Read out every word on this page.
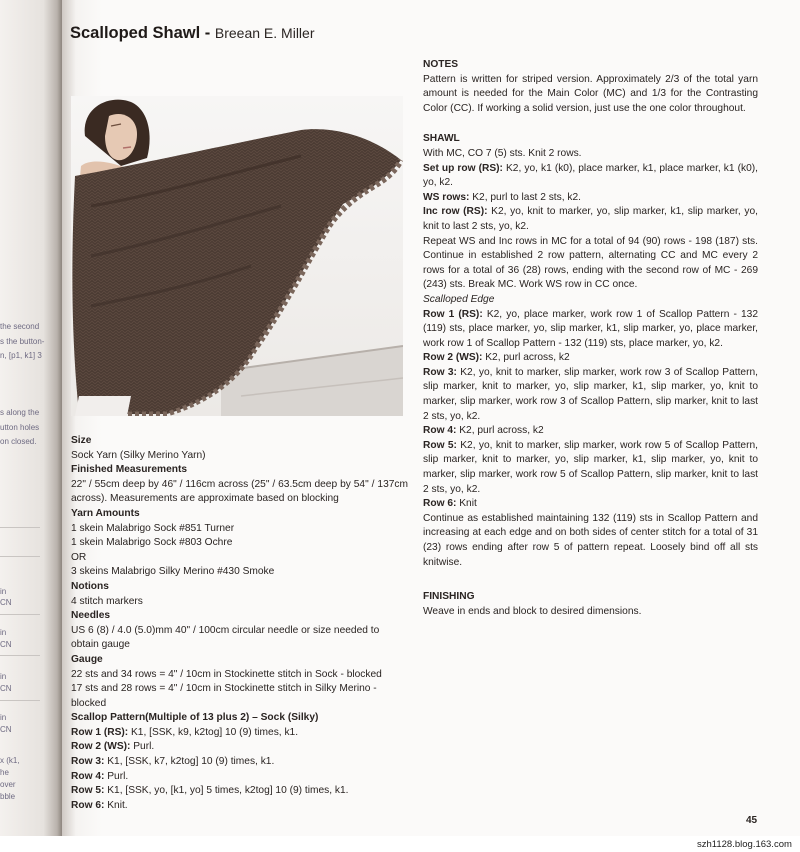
the second
s the button-
n, [p1, k1] 3
s along the
utton holes
on closed.
in
CN
in
CN
in
CN
in
CN
x (k1,
he
over
bble
Scalloped Shawl - Breean E. Miller

Size

Sock Yarn (Silky Merino Yarn)

Finished Measurements

22" / 55cm deep by 46" / 116cm across (25" / 63.5cm deep by 54" / 137cm across). Measurements are approximate based on blocking

Yarn Amounts

1 skein Malabrigo Sock #851 Turner

1 skein Malabrigo Sock #803 Ochre

OR

3 skeins Malabrigo Silky Merino #430 Smoke

Notions

4 stitch markers

Needles

US 6 (8) / 4.0 (5.0)mm 40" / 100cm circular needle or size needed to obtain gauge

Gauge

22 sts and 34 rows = 4" / 10cm in Stockinette stitch in Sock - blocked

17 sts and 28 rows = 4" / 10cm in Stockinette stitch in Silky Merino - blocked

Scallop Pattern(Multiple of 13 plus 2) – Sock (Silky)

Row 1 (RS): K1, [SSK, k9, k2tog] 10 (9) times, k1.

Row 2 (WS): Purl.

Row 3: K1, [SSK, k7, k2tog] 10 (9) times, k1.

Row 4: Purl.

Row 5: K1, [SSK, yo, [k1, yo] 5 times, k2tog] 10 (9) times, k1.

Row 6: Knit.

NOTES

Pattern is written for striped version. Approximately 2/3 of the total yarn amount is needed for the Main Color (MC) and 1/3 for the Contrasting Color (CC). If working a solid version, just use the one color throughout.

SHAWL

With MC, CO 7 (5) sts. Knit 2 rows.

Set up row (RS): K2, yo, k1 (k0), place marker, k1, place marker, k1 (k0), yo, k2.

WS rows: K2, purl to last 2 sts, k2.

Inc row (RS): K2, yo, knit to marker, yo, slip marker, k1, slip marker, yo, knit to last 2 sts, yo, k2.

Repeat WS and Inc rows in MC for a total of 94 (90) rows - 198 (187) sts. Continue in established 2 row pattern, alternating CC and MC every 2 rows for a total of 36 (28) rows, ending with the second row of MC - 269 (243) sts. Break MC. Work WS row in CC once.

Scalloped Edge

Row 1 (RS): K2, yo, place marker, work row 1 of Scallop Pattern - 132 (119) sts, place marker, yo, slip marker, k1, slip marker, yo, place marker, work row 1 of Scallop Pattern - 132 (119) sts, place marker, yo, k2.

Row 2 (WS): K2, purl across, k2

Row 3: K2, yo, knit to marker, slip marker, work row 3 of Scallop Pattern, slip marker, knit to marker, yo, slip marker, k1, slip marker, yo, knit to marker, slip marker, work row 3 of Scallop Pattern, slip marker, knit to last 2 sts, yo, k2.

Row 4: K2, purl across, k2

Row 5: K2, yo, knit to marker, slip marker, work row 5 of Scallop Pattern, slip marker, knit to marker, yo, slip marker, k1, slip marker, yo, knit to marker, slip marker, work row 5 of Scallop Pattern, slip marker, knit to last 2 sts, yo, k2.

Row 6: Knit

Continue as established maintaining 132 (119) sts in Scallop Pattern and increasing at each edge and on both sides of center stitch for a total of 31 (23) rows ending after row 5 of pattern repeat. Loosely bind off all sts knitwise.

FINISHING

Weave in ends and block to desired dimensions.

45
szh1128.blog.163.com
